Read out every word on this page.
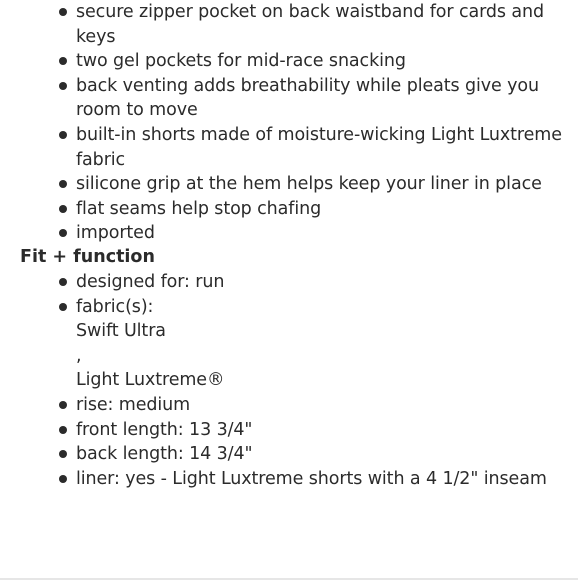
secure zipper pocket on back waistband for cards and keys
two gel pockets for mid-race snacking
back venting adds breathability while pleats give you room to move
built-in shorts made of moisture-wicking Light Luxtreme fabric
silicone grip at the hem helps keep your liner in place
flat seams help stop chafing
imported
Fit + function
designed for: run
fabric(s):
Swift Ultra
,
Light Luxtreme®
rise: medium
front length: 13 3/4"
back length: 14 3/4"
liner: yes - Light Luxtreme shorts with a 4 1/2" inseam
